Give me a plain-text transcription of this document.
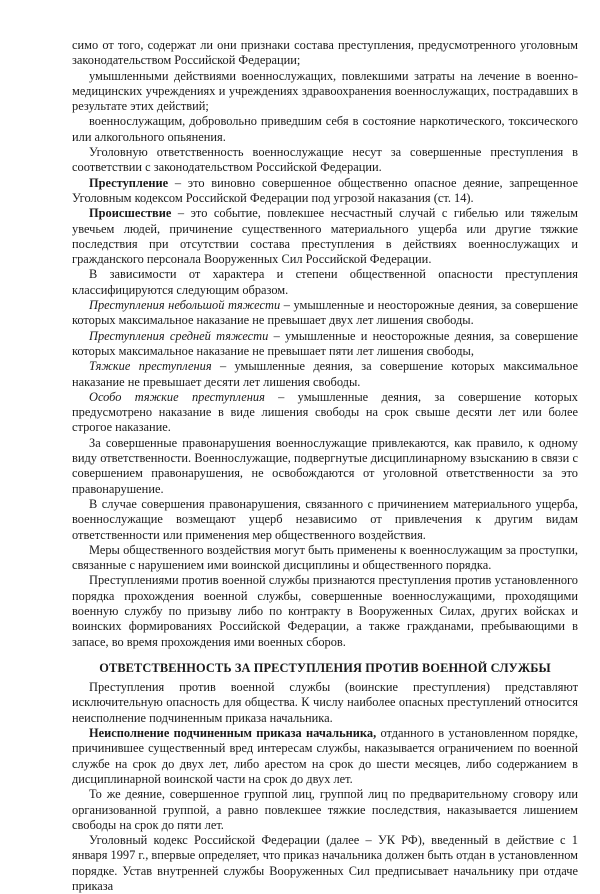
симо от того, содержат ли они признаки состава преступления, предусмотренного уголовным законодательством Российской Федерации;

умышленными действиями военнослужащих, повлекшими затраты на лечение в военно-медицинских учреждениях и учреждениях здравоохранения военнослужащих, пострадавших в результате этих действий;

военнослужащим, добровольно приведшим себя в состояние наркотического, токсического или алкогольного опьянения.

Уголовную ответственность военнослужащие несут за совершенные преступления в соответствии с законодательством Российской Федерации.

Преступление – это виновно совершенное общественно опасное деяние, запрещенное Уголовным кодексом Российской Федерации под угрозой наказания (ст. 14).

Происшествие – это событие, повлекшее несчастный случай с гибелью или тяжелым увечьем людей, причинение существенного материального ущерба или другие тяжкие последствия при отсутствии состава преступления в действиях военнослужащих и гражданского персонала Вооруженных Сил Российской Федерации.

В зависимости от характера и степени общественной опасности преступления классифицируются следующим образом.

Преступления небольшой тяжести – умышленные и неосторожные деяния, за совершение которых максимальное наказание не превышает двух лет лишения свободы.

Преступления средней тяжести – умышленные и неосторожные деяния, за совершение которых максимальное наказание не превышает пяти лет лишения свободы,

Тяжкие преступления – умышленные деяния, за совершение которых максимальное наказание не превышает десяти лет лишения свободы.

Особо тяжкие преступления – умышленные деяния, за совершение которых предусмотрено наказание в виде лишения свободы на срок свыше десяти лет или более строгое наказание.

За совершенные правонарушения военнослужащие привлекаются, как правило, к одному виду ответственности. Военнослужащие, подвергнутые дисциплинарному взысканию в связи с совершением правонарушения, не освобождаются от уголовной ответственности за это правонарушение.

В случае совершения правонарушения, связанного с причинением материального ущерба, военнослужащие возмещают ущерб независимо от привлечения к другим видам ответственности или применения мер общественного воздействия.

Меры общественного воздействия могут быть применены к военнослужащим за проступки, связанные с нарушением ими воинской дисциплины и общественного порядка.

Преступлениями против военной службы признаются преступления против установленного порядка прохождения военной службы, совершенные военнослужащими, проходящими военную службу по призыву либо по контракту в Вооруженных Силах, других войсках и воинских формированиях Российской Федерации, а также гражданами, пребывающими в запасе, во время прохождения ими военных сборов.

ОТВЕТСТВЕННОСТЬ ЗА ПРЕСТУПЛЕНИЯ ПРОТИВ ВОЕННОЙ СЛУЖБЫ

Преступления против военной службы (воинские преступления) представляют исключительную опасность для общества. К числу наиболее опасных преступлений относится неисполнение подчиненным приказа начальника.

Неисполнение подчиненным приказа начальника, отданного в установленном порядке, причинившее существенный вред интересам службы, наказывается ограничением по военной службе на срок до двух лет, либо арестом на срок до шести месяцев, либо содержанием в дисциплинарной воинской части на срок до двух лет.

То же деяние, совершенное группой лиц, группой лиц по предварительному сговору или организованной группой, а равно повлекшее тяжкие последствия, наказывается лишением свободы на срок до пяти лет.

Уголовный кодекс Российской Федерации (далее – УК РФ), введенный в действие с 1 января 1997 г., впервые определяет, что приказ начальника должен быть отдан в установленном порядке. Устав внутренней службы Вооруженных Сил предписывает начальнику при отдаче приказа
